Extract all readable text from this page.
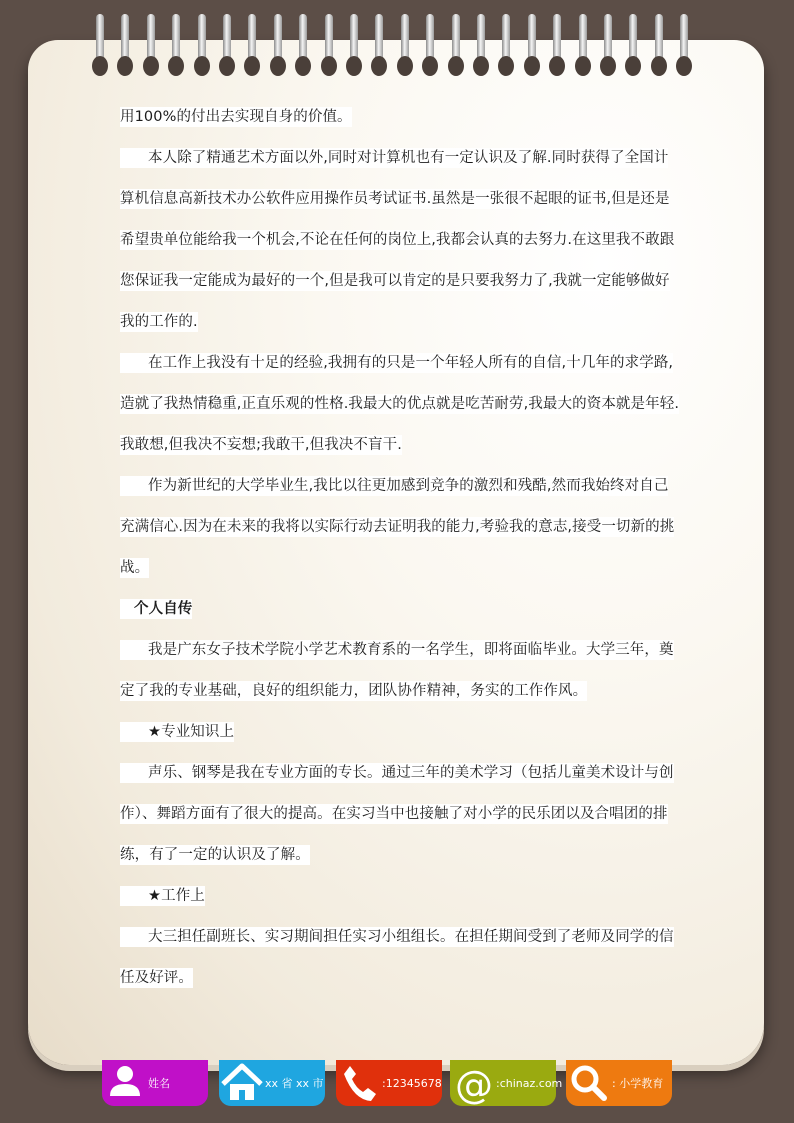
用100%的付出去实现自身的价值。
本人除了精通艺术方面以外,同时对计算机也有一定认识及了解.同时获得了全国计
算机信息高新技术办公软件应用操作员考试证书.虽然是一张很不起眼的证书,但是还是
希望贵单位能给我一个机会,不论在任何的岗位上,我都会认真的去努力.在这里我不敢跟
您保证我一定能成为最好的一个,但是我可以肯定的是只要我努力了,我就一定能够做好
我的工作的.
在工作上我没有十足的经验,我拥有的只是一个年轻人所有的自信,十几年的求学路,
造就了我热情稳重,正直乐观的性格.我最大的优点就是吃苦耐劳,我最大的资本就是年轻.
我敢想,但我决不妄想;我敢干,但我决不盲干.
作为新世纪的大学毕业生,我比以往更加感到竞争的激烈和残酷,然而我始终对自己
充满信心.因为在未来的我将以实际行动去证明我的能力,考验我的意志,接受一切新的挑
战。
个人自传
我是广东女子技术学院小学艺术教育系的一名学生，即将面临毕业。大学三年，奠
定了我的专业基础，良好的组织能力，团队协作精神，务实的工作作风。
★专业知识上
声乐、钢琴是我在专业方面的专长。通过三年的美术学习（包括儿童美术设计与创
作）、舞蹈方面有了很大的提高。在实习当中也接触了对小学的民乐团以及合唱团的排
练，有了一定的认识及了解。
★工作上
大三担任副班长、实习期间担任实习小组组长。在担任期间受到了老师及同学的信
任及好评。
姓名	xx 省 xx 市	:12345678 @ :chinaz.com	: 小学教育
